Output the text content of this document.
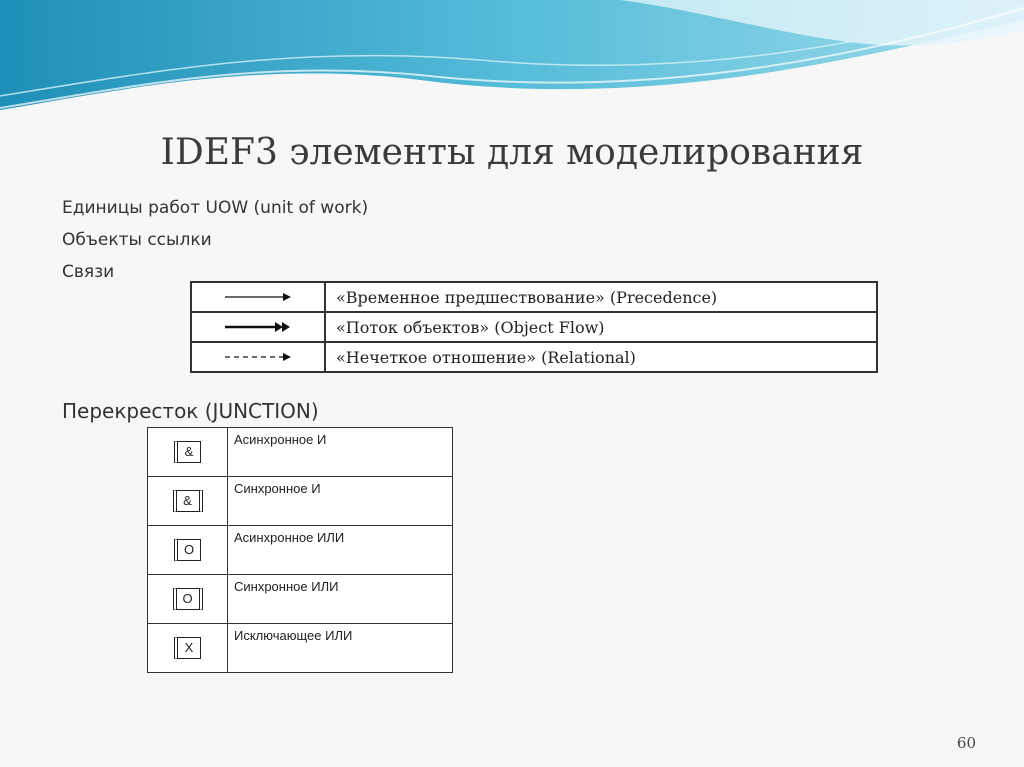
IDEF3 элементы для моделирования
Единицы работ UOW (unit of work)
Объекты ссылки
Связи
	«Временное предшествование» (Precedence)

	«Поток объектов» (Object Flow)

	«Нечеткое отношение» (Relational)
Перекресток (JUNCTION)
&	Асинхронное И
&	Синхронное И
O	Асинхронное ИЛИ
O	Синхронное ИЛИ
X	Исключающее ИЛИ
60
